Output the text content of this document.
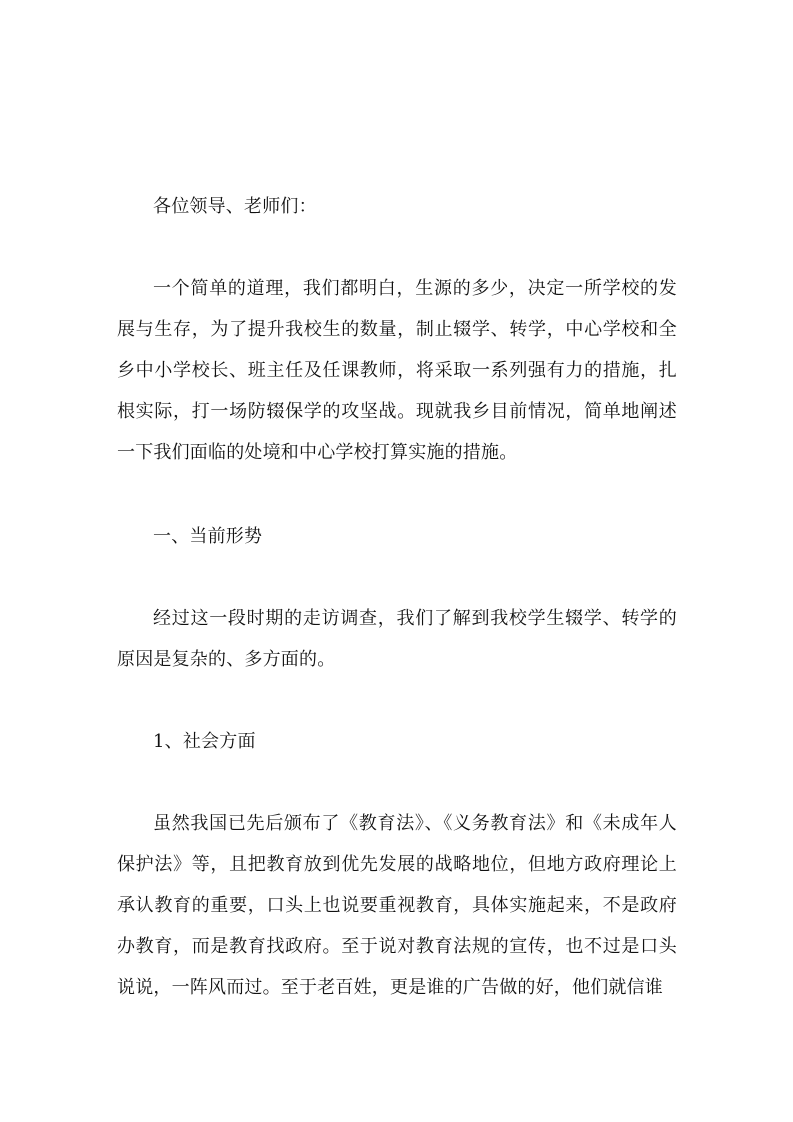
各位领导、老师们：

一个简单的道理，我们都明白，生源的多少，决定一所学校的发展与生存，为了提升我校生的数量，制止辍学、转学，中心学校和全乡中小学校长、班主任及任课教师，将采取一系列强有力的措施，扎根实际，打一场防辍保学的攻坚战。现就我乡目前情况，简单地阐述一下我们面临的处境和中心学校打算实施的措施。

一、当前形势

经过这一段时期的走访调查，我们了解到我校学生辍学、转学的原因是复杂的、多方面的。

1、社会方面

虽然我国已先后颁布了《教育法》、《义务教育法》和《未成年人保护法》等，且把教育放到优先发展的战略地位，但地方政府理论上承认教育的重要，口头上也说要重视教育，具体实施起来，不是政府办教育，而是教育找政府。至于说对教育法规的宣传，也不过是口头说说，一阵风而过。至于老百姓，更是谁的广告做的好，他们就信谁
